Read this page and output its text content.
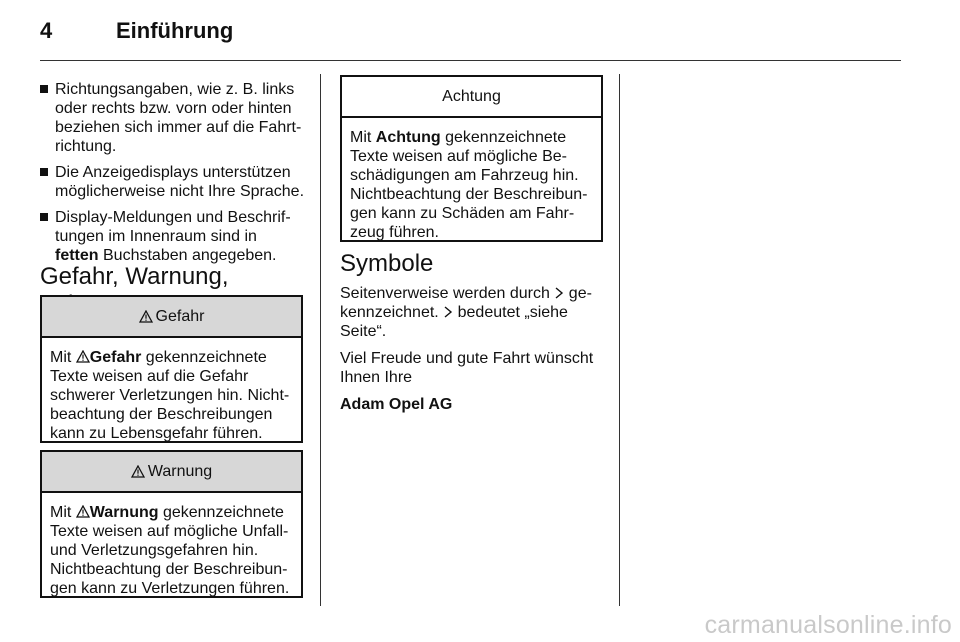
4	Einführung
Richtungsangaben, wie z. B. links oder rechts bzw. vorn oder hinten beziehen sich immer auf die Fahrtrichtung.
Die Anzeigedisplays unterstützen möglicherweise nicht Ihre Sprache.
Display-Meldungen und Beschriftungen im Innenraum sind in fetten Buchstaben angegeben.
Gefahr, Warnung,
Gefahr
Mit Gefahr gekennzeichnete Texte weisen auf die Gefahr schwerer Verletzungen hin. Nichtbeachtung der Beschreibungen kann zu Lebensgefahr führen.
Warnung
Mit Warnung gekennzeichnete Texte weisen auf mögliche Unfall- und Verletzungsgefahren hin. Nichtbeachtung der Beschreibungen kann zu Verletzungen führen.
Achtung
Mit Achtung gekennzeichnete Texte weisen auf mögliche Beschädigungen am Fahrzeug hin. Nichtbeachtung der Beschreibungen kann zu Schäden am Fahrzeug führen.
Symbole

Seitenverweise werden durch  gekennzeichnet.  bedeutet „siehe Seite“.

Viel Freude und gute Fahrt wünscht Ihnen Ihre

Adam Opel AG

carmanualsonline.info
